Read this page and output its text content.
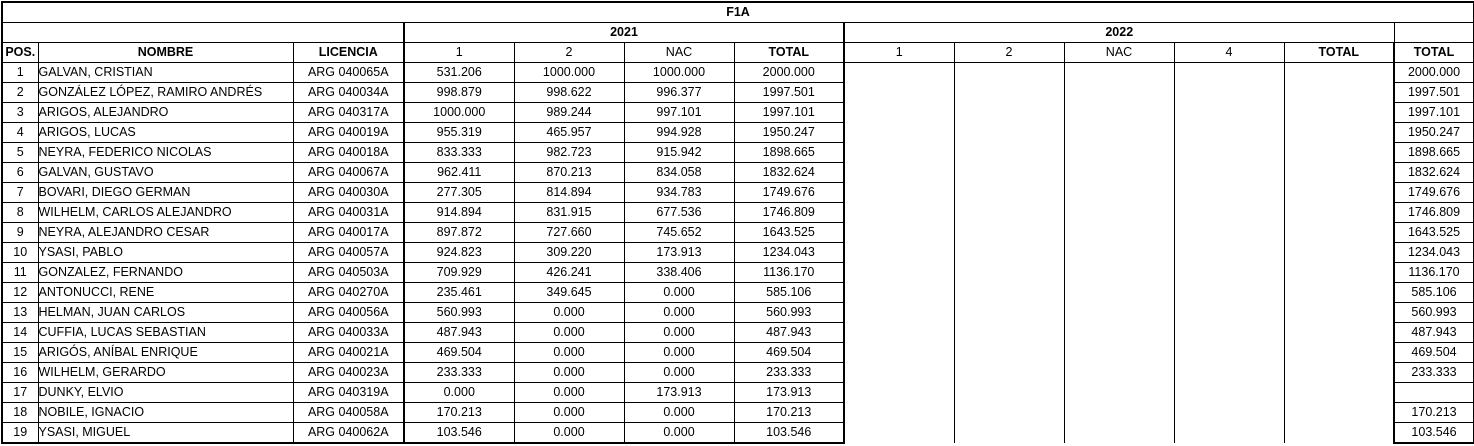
F1A												
			2021				2022					
POS.	NOMBRE	LICENCIA	1	2	NAC	TOTAL	1	2	NAC	4	TOTAL	TOTAL
1	GALVAN, CRISTIAN	ARG 040065A	531.206	1000.000	1000.000	2000.000						2000.000
2	GONZÁLEZ LÓPEZ, RAMIRO ANDRÉS	ARG 040034A	998.879	998.622	996.377	1997.501						1997.501
3	ARIGOS, ALEJANDRO	ARG 040317A	1000.000	989.244	997.101	1997.101						1997.101
4	ARIGOS, LUCAS	ARG 040019A	955.319	465.957	994.928	1950.247						1950.247
5	NEYRA, FEDERICO NICOLAS	ARG 040018A	833.333	982.723	915.942	1898.665						1898.665
6	GALVAN, GUSTAVO	ARG 040067A	962.411	870.213	834.058	1832.624						1832.624
7	BOVARI, DIEGO GERMAN	ARG 040030A	277.305	814.894	934.783	1749.676						1749.676
8	WILHELM, CARLOS ALEJANDRO	ARG 040031A	914.894	831.915	677.536	1746.809						1746.809
9	NEYRA, ALEJANDRO CESAR	ARG 040017A	897.872	727.660	745.652	1643.525						1643.525
10	YSASI, PABLO	ARG 040057A	924.823	309.220	173.913	1234.043						1234.043
11	GONZALEZ, FERNANDO	ARG 040503A	709.929	426.241	338.406	1136.170						1136.170
12	ANTONUCCI, RENE	ARG 040270A	235.461	349.645	0.000	585.106						585.106
13	HELMAN, JUAN CARLOS	ARG 040056A	560.993	0.000	0.000	560.993						560.993
14	CUFFIA, LUCAS SEBASTIAN	ARG 040033A	487.943	0.000	0.000	487.943						487.943
15	ARIGÓS, ANÍBAL ENRIQUE	ARG 040021A	469.504	0.000	0.000	469.504						469.504
16	WILHELM, GERARDO	ARG 040023A	233.333	0.000	0.000	233.333						233.333
17	DUNKY, ELVIO	ARG 040319A	0.000	0.000	173.913	173.913						
18	NOBILE, IGNACIO	ARG 040058A	170.213	0.000	0.000	170.213						170.213
19	YSASI, MIGUEL	ARG 040062A	103.546	0.000	0.000	103.546						103.546
